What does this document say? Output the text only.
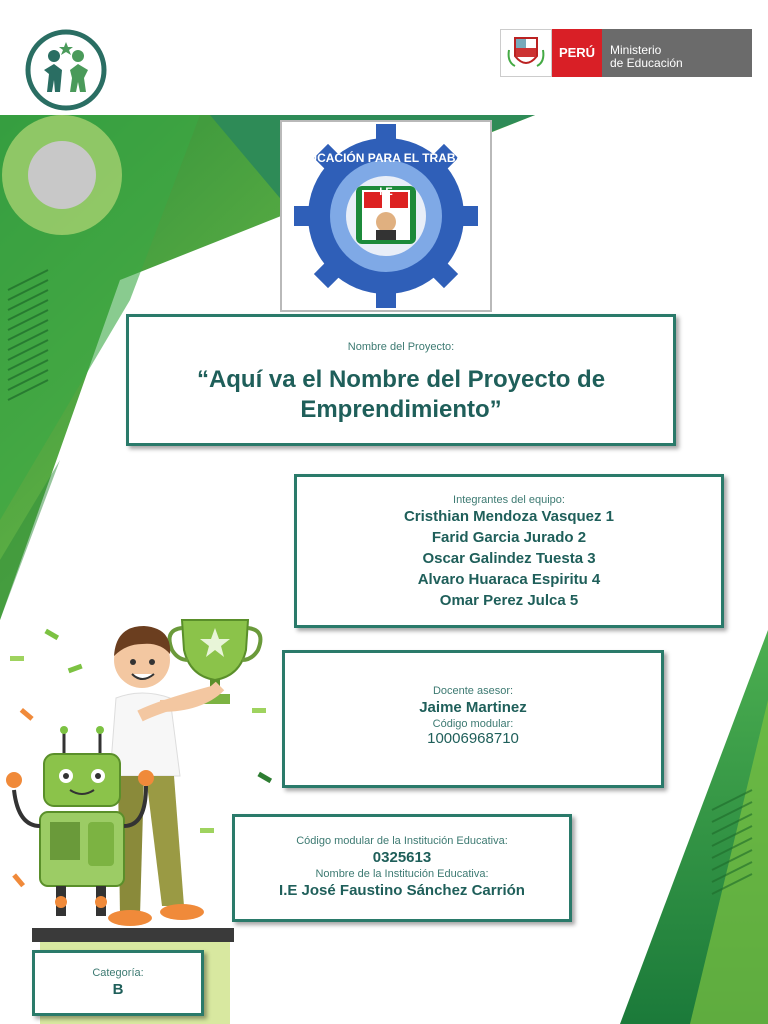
PERÚ	Ministerio
de Educación
EDUCACIÓN PARA EL TRABAJO
I E
Nombre del Proyecto:
“Aquí va el Nombre del Proyecto de
Emprendimiento”
Integrantes del equipo:
Cristhian Mendoza Vasquez 1
Farid Garcia Jurado 2
Oscar Galindez Tuesta 3
Alvaro Huaraca Espiritu 4
Omar Perez Julca 5
Docente asesor:
Jaime Martinez
Código modular:
10006968710
Código modular de la Institución Educativa:
0325613
Nombre de la Institución Educativa:
I.E José Faustino Sánchez Carrión
Categoría:
B
